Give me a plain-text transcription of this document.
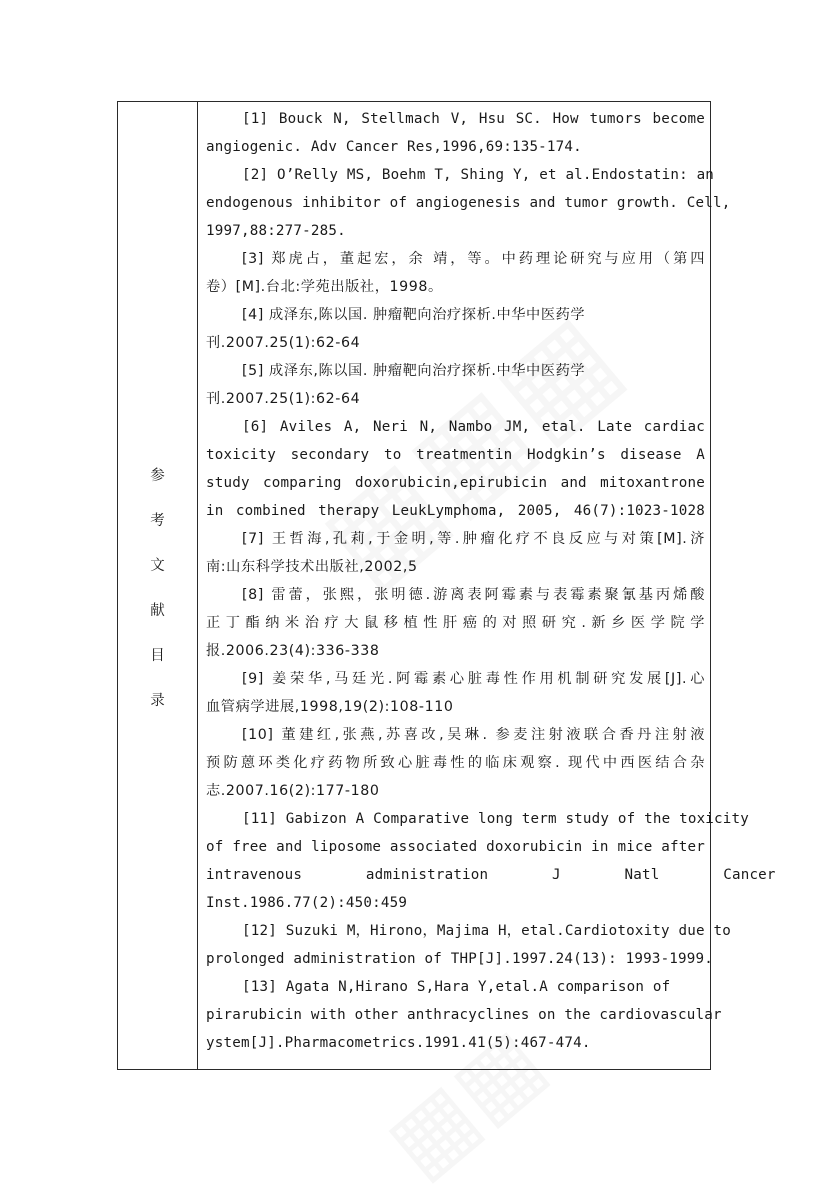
参
考
文
献
目
录
[1] Bouck N, Stellmach V, Hsu SC. How tumors become
angiogenic. Adv Cancer Res,1996,69:135-174.
[2] O’Relly MS, Boehm T, Shing Y, et al.Endostatin: an
endogenous inhibitor of angiogenesis and tumor growth. Cell,
1997,88:277-285.
[3] 郑虎占，董起宏，余 靖，等。中药理论研究与应用（第四
卷）[M].台北:学苑出版社，1998。
[4] 成泽东,陈以国. 肿瘤靶向治疗探析.中华中医药学
刊.2007.25(1):62-64
[5] 成泽东,陈以国. 肿瘤靶向治疗探析.中华中医药学
刊.2007.25(1):62-64
[6] Aviles A, Neri N, Nambo JM, etal. Late cardiac
toxicity secondary to treatmentin Hodgkin’s disease A
study comparing doxorubicin,epirubicin and mitoxantrone
in combined therapy LeukLymphoma, 2005, 46(7):1023-1028
[7] 王哲海,孔莉,于金明,等.肿瘤化疗不良反应与对策[M].济
南:山东科学技术出版社,2002,5
[8] 雷蕾，张熙，张明德.游离表阿霉素与表霉素聚氰基丙烯酸
正丁酯纳米治疗大鼠移植性肝癌的对照研究.新乡医学院学
报.2006.23(4):336-338
[9] 姜荣华,马廷光.阿霉素心脏毒性作用机制研究发展[J].心
血管病学进展,1998,19(2):108-110
[10] 董建红,张燕,苏喜改,吴琳. 参麦注射液联合香丹注射液
预防蒽环类化疗药物所致心脏毒性的临床观察. 现代中西医结合杂
志.2007.16(2):177-180
[11] Gabizon A Comparative long term study of the toxicity
of free and liposome associated doxorubicin in mice after
intravenous administration J Natl Cancer
Inst.1986.77(2):450:459
[12] Suzuki M，Hirono，Majima H，etal.Cardiotoxity due to
prolonged administration of THP[J].1997.24(13): 1993-1999.
[13] Agata N,Hirano S,Hara Y,etal.A comparison of
pirarubicin with other anthracyclines on the cardiovascular
ystem[J].Pharmacometrics.1991.41(5):467-474.
